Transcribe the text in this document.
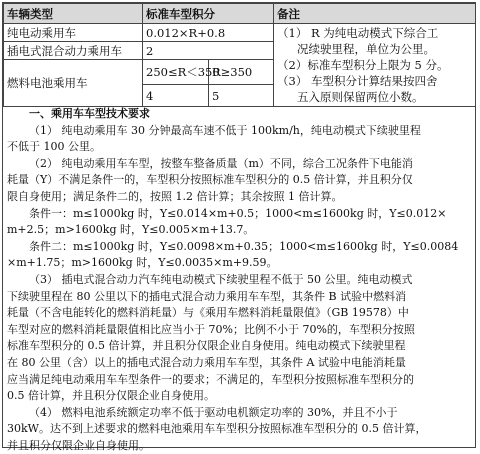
车辆类型	标准车型积分		备注
纯电动乘用车	0.012×R+0.8		（1） R 为纯电动模式下综合工
况续驶里程，单位为公里。
（2）标准车型积分上限为 5 分。
（3） 车型积分计算结果按四舍
五入原则保留两位小数。

插电式混合动力乘用车	2		
燃料电池乘用车	250≤R＜350	R≥350	
	4	5	
一、乘用车车型技术要求
（1） 纯电动乘用车 30 分钟最高车速不低于 100km/h，纯电动模式下续驶里程
不低于 100 公里。
（2） 纯电动乘用车车型，按整车整备质量（m）不同，综合工况条件下电能消
耗量（Y）不满足条件一的，车型积分按照标准车型积分的 0.5 倍计算，并且积分仅
限自身使用；满足条件二的，按照 1.2 倍计算；其余按照 1 倍计算。
条件一：m≤1000kg 时，Y≤0.014×m+0.5；1000<m≤1600kg 时，Y≤0.012×
m+2.5；m>1600kg 时，Y≤0.005×m+13.7。
条件二：m≤1000kg 时，Y≤0.0098×m+0.35；1000<m≤1600kg 时，Y≤0.0084
×m+1.75；m>1600kg 时，Y≤0.0035×m+9.59。
（3） 插电式混合动力汽车纯电动模式下续驶里程不低于 50 公里。纯电动模式
下续驶里程在 80 公里以下的插电式混合动力乘用车车型，其条件 B 试验中燃料消
耗量（不含电能转化的燃料消耗量）与《乘用车燃料消耗量限值》（GB 19578）中
车型对应的燃料消耗量限值相比应当小于 70%；比例不小于 70%的，车型积分按照
标准车型积分的 0.5 倍计算，并且积分仅限企业自身使用。纯电动模式下续驶里程
在 80 公里（含）以上的插电式混合动力乘用车车型，其条件 A 试验中电能消耗量
应当满足纯电动乘用车车型条件一的要求；不满足的，车型积分按照标准车型积分的
0.5 倍计算，并且积分仅限企业自身使用。
（4） 燃料电池系统额定功率不低于驱动电机额定功率的 30%，并且不小于
30kW。达不到上述要求的燃料电池乘用车车型积分按照标准车型积分的 0.5 倍计算，
并且积分仅限企业自身使用。
